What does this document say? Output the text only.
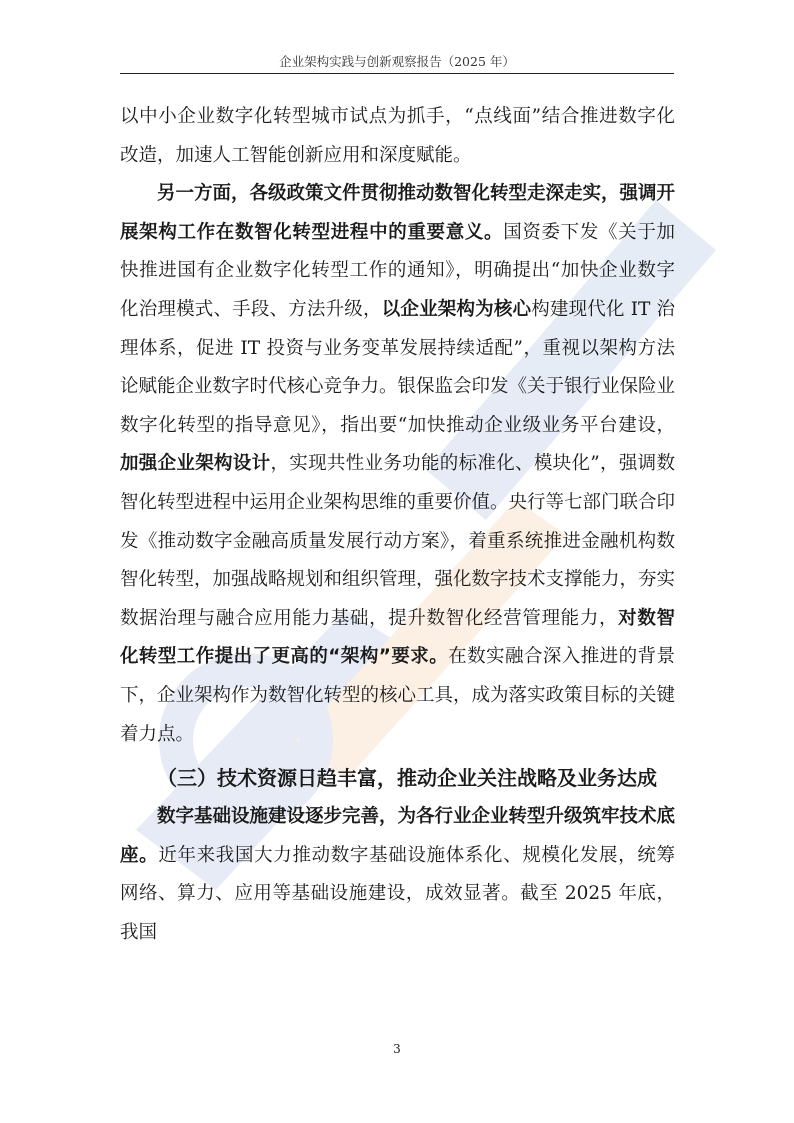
企业架构实践与创新观察报告（2025 年）

以中小企业数字化转型城市试点为抓手，“点线面”结合推进数字化改造，加速人工智能创新应用和深度赋能。

另一方面，各级政策文件贯彻推动数智化转型走深走实，强调开展架构工作在数智化转型进程中的重要意义。国资委下发《关于加快推进国有企业数字化转型工作的通知》，明确提出“加快企业数字化治理模式、手段、方法升级，以企业架构为核心构建现代化 IT 治理体系，促进 IT 投资与业务变革发展持续适配”，重视以架构方法论赋能企业数字时代核心竞争力。银保监会印发《关于银行业保险业数字化转型的指导意见》，指出要“加快推动企业级业务平台建设，加强企业架构设计，实现共性业务功能的标准化、模块化”，强调数智化转型进程中运用企业架构思维的重要价值。央行等七部门联合印发《推动数字金融高质量发展行动方案》，着重系统推进金融机构数智化转型，加强战略规划和组织管理，强化数字技术支撑能力，夯实数据治理与融合应用能力基础，提升数智化经营管理能力，对数智化转型工作提出了更高的“架构”要求。在数实融合深入推进的背景下，企业架构作为数智化转型的核心工具，成为落实政策目标的关键着力点。

（三）技术资源日趋丰富，推动企业关注战略及业务达成

数字基础设施建设逐步完善，为各行业企业转型升级筑牢技术底座。近年来我国大力推动数字基础设施体系化、规模化发展，统筹网络、算力、应用等基础设施建设，成效显著。截至 2025 年底，我国

3
